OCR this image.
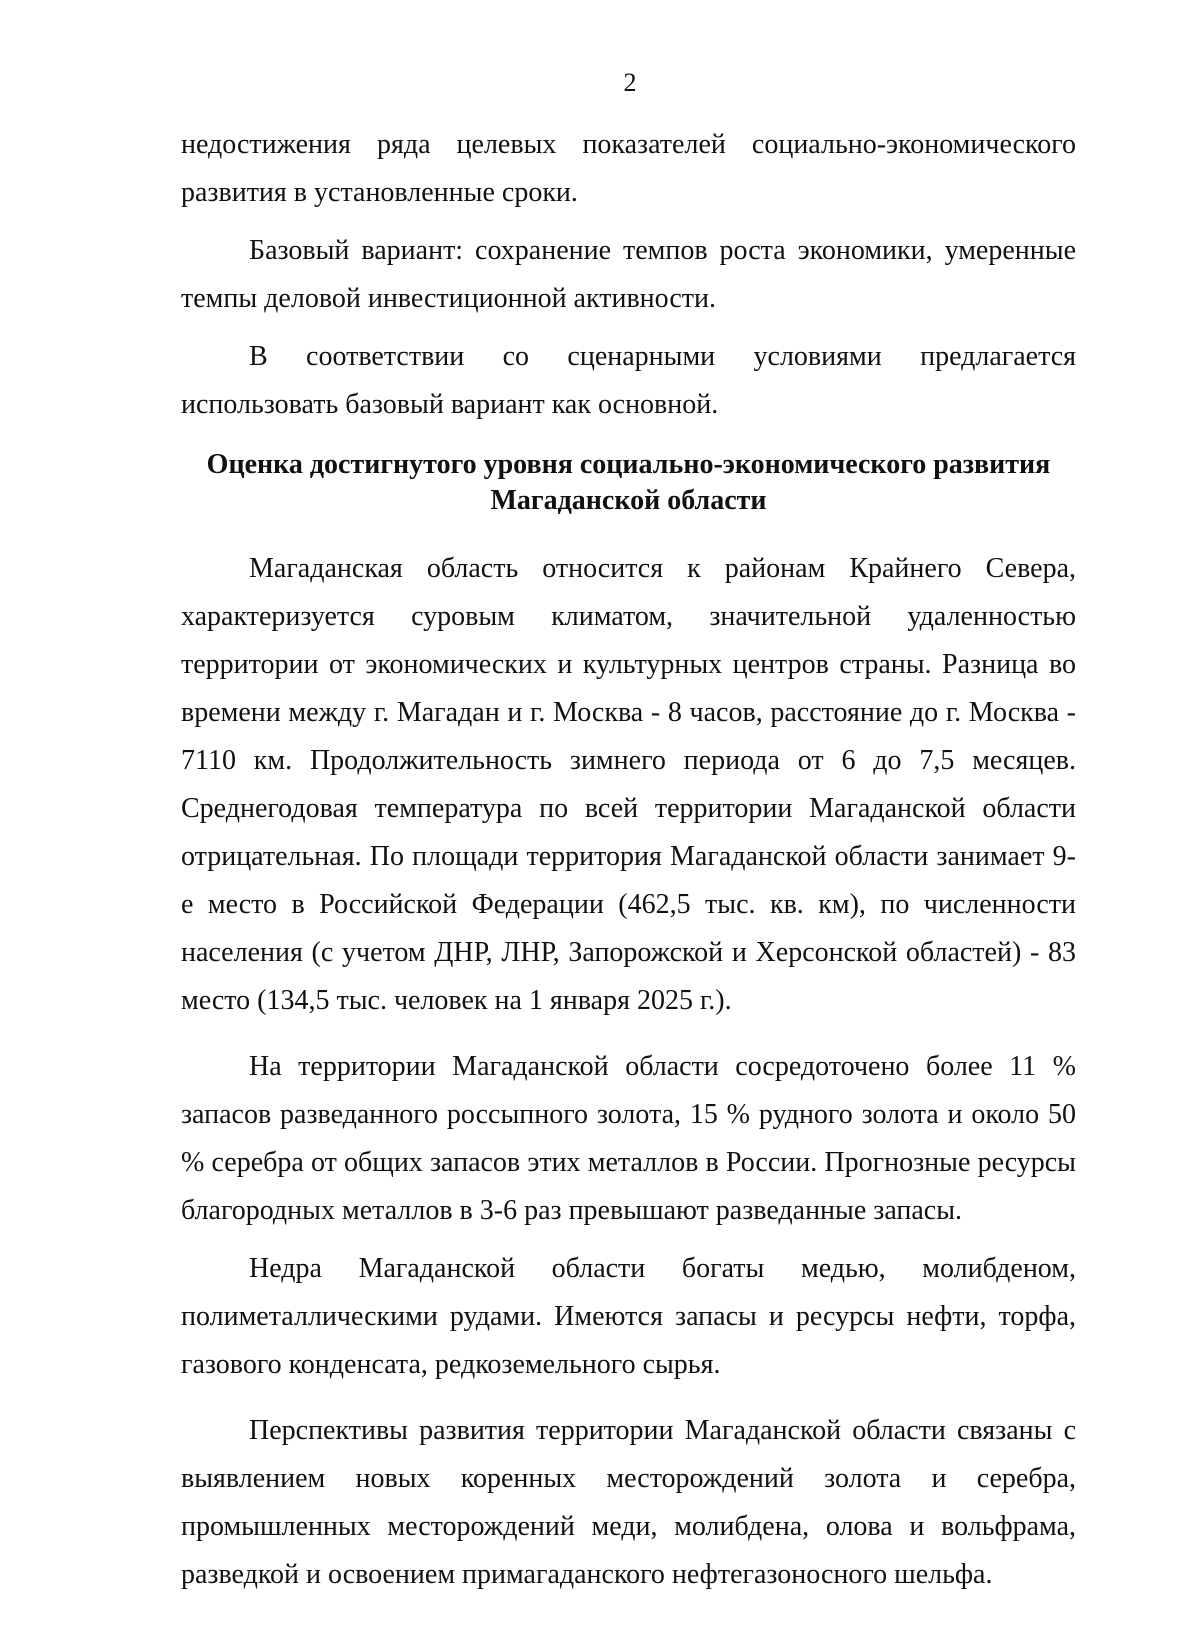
2

недостижения ряда целевых показателей социально-экономического развития в установленные сроки.

Базовый вариант: сохранение темпов роста экономики, умеренные темпы деловой инвестиционной активности.

В соответствии со сценарными условиями предлагается использовать базовый вариант как основной.

Оценка достигнутого уровня социально-экономического развития
Магаданской области

Магаданская область относится к районам Крайнего Севера, характеризуется суровым климатом, значительной удаленностью территории от экономических и культурных центров страны. Разница во времени между г. Магадан и г. Москва - 8 часов, расстояние до г. Москва - 7110 км. Продолжительность зимнего периода от 6 до 7,5 месяцев. Среднегодовая температура по всей территории Магаданской области отрицательная. По площади территория Магаданской области занимает 9-е место в Российской Федерации (462,5 тыс. кв. км), по численности населения (с учетом ДНР, ЛНР, Запорожской и Херсонской областей) - 83 место (134,5 тыс. человек на 1 января 2025 г.).

На территории Магаданской области сосредоточено более 11 % запасов разведанного россыпного золота, 15 % рудного золота и около 50 % серебра от общих запасов этих металлов в России. Прогнозные ресурсы благородных металлов в 3-6 раз превышают разведанные запасы.

Недра Магаданской области богаты медью, молибденом, полиметаллическими рудами. Имеются запасы и ресурсы нефти, торфа, газового конденсата, редкоземельного сырья.

Перспективы развития территории Магаданской области связаны с выявлением новых коренных месторождений золота и серебра, промышленных месторождений меди, молибдена, олова и вольфрама, разведкой и освоением примагаданского нефтегазоносного шельфа.
